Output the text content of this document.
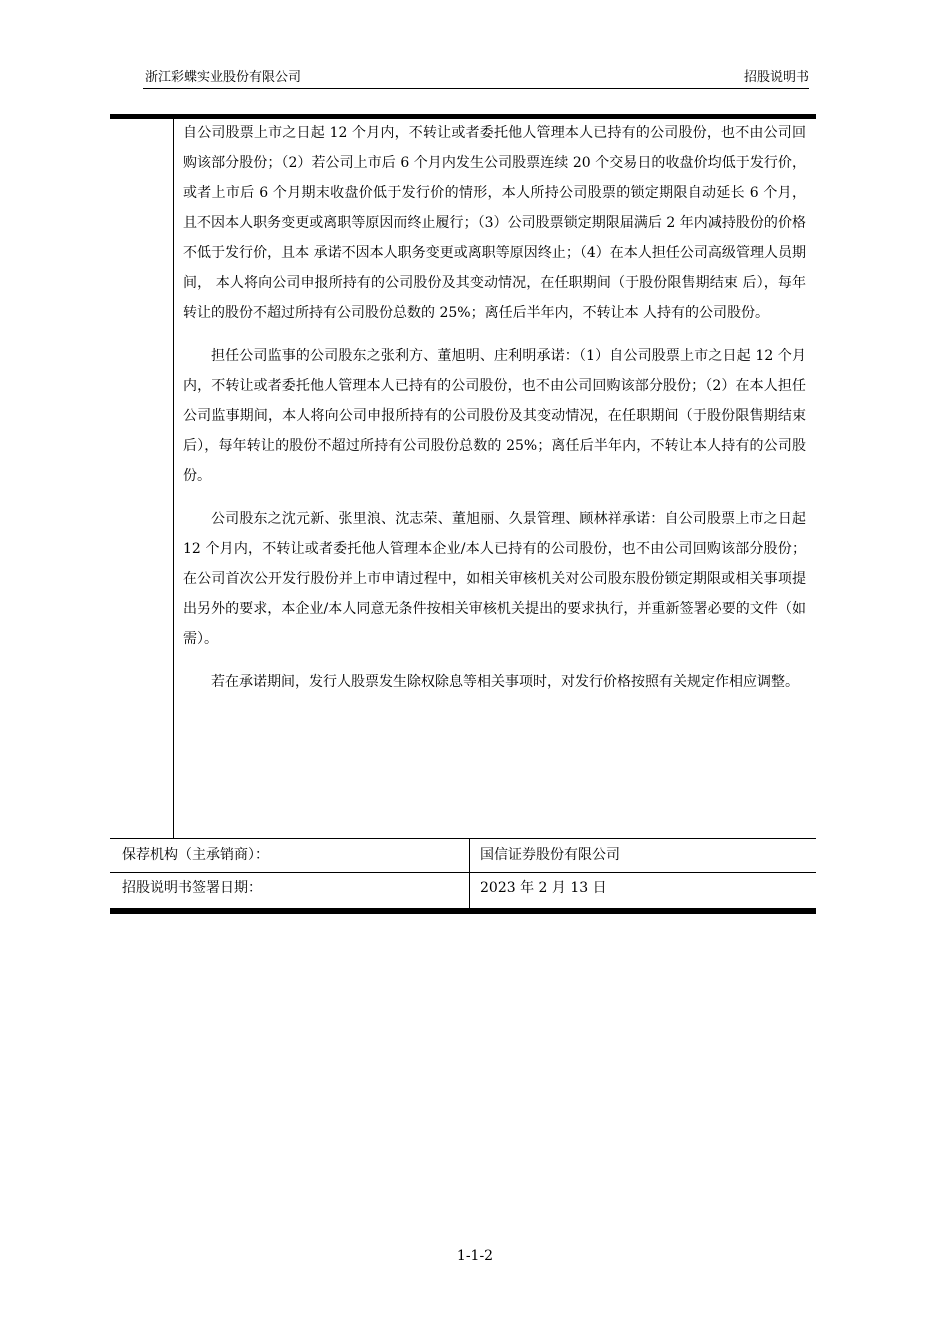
浙江彩蝶实业股份有限公司	招股说明书

自公司股票上市之日起 12 个月内，不转让或者委托他人管理本人已持有的公司股份，也不由公司回购该部分股份；（2）若公司上市后 6 个月内发生公司股票连续 20 个交易日的收盘价均低于发行价，或者上市后 6 个月期末收盘价低于发行价的情形，本人所持公司股票的锁定期限自动延长 6 个月，且不因本人职务变更或离职等原因而终止履行；（3）公司股票锁定期限届满后 2 年内减持股份的价格不低于发行价，且本 承诺不因本人职务变更或离职等原因终止；（4）在本人担任公司高级管理人员期间， 本人将向公司申报所持有的公司股份及其变动情况，在任职期间（于股份限售期结束 后），每年转让的股份不超过所持有公司股份总数的 25%；离任后半年内，不转让本 人持有的公司股份。

担任公司监事的公司股东之张利方、董旭明、庄利明承诺：（1）自公司股票上市之日起 12 个月内，不转让或者委托他人管理本人已持有的公司股份，也不由公司回购该部分股份；（2）在本人担任公司监事期间，本人将向公司申报所持有的公司股份及其变动情况，在任职期间（于股份限售期结束后），每年转让的股份不超过所持有公司股份总数的 25%；离任后半年内，不转让本人持有的公司股份。

公司股东之沈元新、张里浪、沈志荣、董旭丽、久景管理、顾林祥承诺：自公司股票上市之日起 12 个月内，不转让或者委托他人管理本企业/本人已持有的公司股份，也不由公司回购该部分股份；在公司首次公开发行股份并上市申请过程中，如相关审核机关对公司股东股份锁定期限或相关事项提出另外的要求，本企业/本人同意无条件按相关审核机关提出的要求执行，并重新签署必要的文件（如需）。

若在承诺期间，发行人股票发生除权除息等相关事项时，对发行价格按照有关规定作相应调整。

保荐机构（主承销商）：	国信证券股份有限公司
招股说明书签署日期：	2023 年 2 月 13 日
1-1-2
